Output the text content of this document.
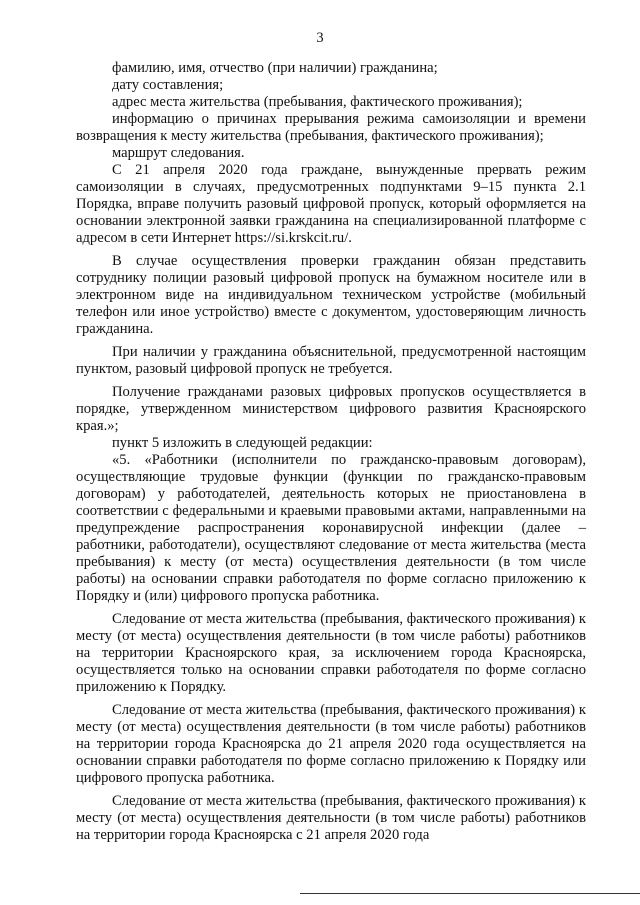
3

фамилию, имя, отчество (при наличии) гражданина;

дату составления;

адрес места жительства (пребывания, фактического проживания);

информацию о причинах прерывания режима самоизоляции и времени возвращения к месту жительства (пребывания, фактического проживания);

маршрут следования.

С 21 апреля 2020 года граждане, вынужденные прервать режим самоизоляции в случаях, предусмотренных подпунктами 9–15 пункта 2.1 Порядка, вправе получить разовый цифровой пропуск, который оформляется на основании электронной заявки гражданина на специализированной платформе с адресом в сети Интернет https://si.krskcit.ru/.

В случае осуществления проверки гражданин обязан представить сотруднику полиции разовый цифровой пропуск на бумажном носителе или в электронном виде на индивидуальном техническом устройстве (мобильный телефон или иное устройство) вместе с документом, удостоверяющим личность гражданина.

При наличии у гражданина объяснительной, предусмотренной настоящим пунктом, разовый цифровой пропуск не требуется.

Получение гражданами разовых цифровых пропусков осуществляется в порядке, утвержденном министерством цифрового развития Красноярского края.»;

пункт 5 изложить в следующей редакции:

«5. «Работники (исполнители по гражданско-правовым договорам), осуществляющие трудовые функции (функции по гражданско-правовым договорам) у работодателей, деятельность которых не приостановлена в соответствии с федеральными и краевыми правовыми актами, направленными на предупреждение распространения коронавирусной инфекции (далее – работники, работодатели), осуществляют следование от места жительства (места пребывания) к месту (от места) осуществления деятельности (в том числе работы) на основании справки работодателя по форме согласно приложению к Порядку и (или) цифрового пропуска работника.

Следование от места жительства (пребывания, фактического проживания) к месту (от места) осуществления деятельности (в том числе работы) работников на территории Красноярского края, за исключением города Красноярска, осуществляется только на основании справки работодателя по форме согласно приложению к Порядку.

Следование от места жительства (пребывания, фактического проживания) к месту (от места) осуществления деятельности (в том числе работы) работников на территории города Красноярска до 21 апреля 2020 года осуществляется на основании справки работодателя по форме согласно приложению к Порядку или цифрового пропуска работника.

Следование от места жительства (пребывания, фактического проживания) к месту (от места) осуществления деятельности (в том числе работы) работников на территории города Красноярска с 21 апреля 2020 года
